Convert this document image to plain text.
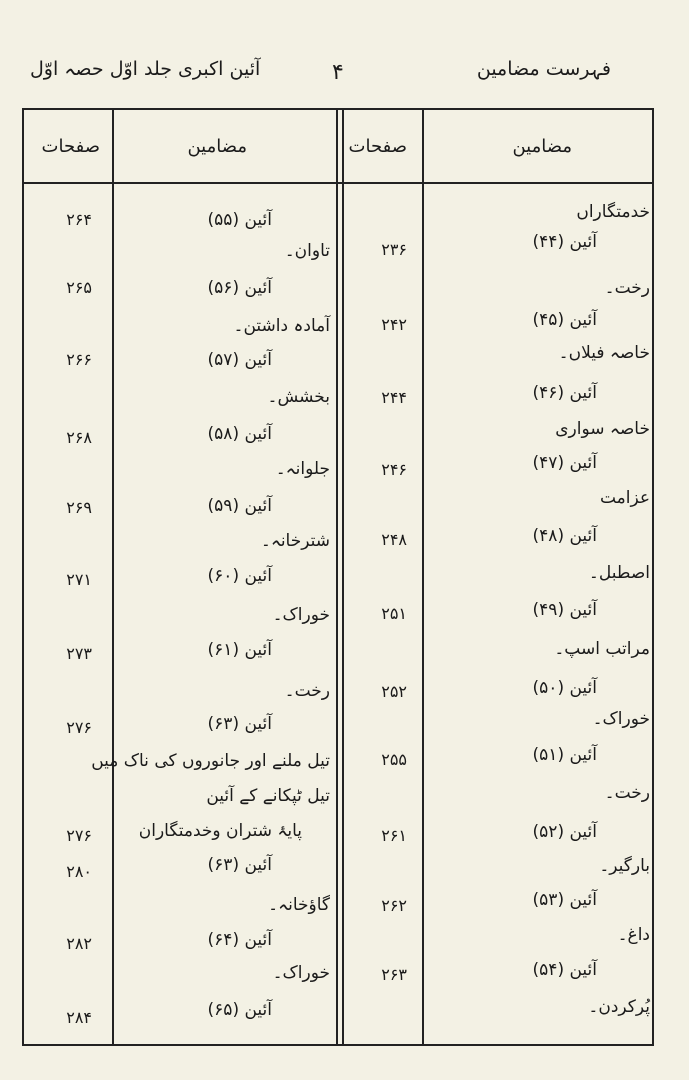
فہرست مضامین
۴
آئین اکبری جلد اوّل حصہ اوّل
مضامین
صفحات
مضامین
صفحات
خدمتگاراں
آئین (۴۴)
رخت۔
آئین (۴۵)
خاصہ فیلاں۔
آئین (۴۶)
خاصہ سواری
آئین (۴۷)
عزامت
آئین (۴۸)
اصطبل۔
آئین (۴۹)
مراتب اسپ۔
آئین (۵۰)
خوراک۔
آئین (۵۱)
رخت۔
آئین (۵۲)
بارگیر۔
آئین (۵۳)
داغ۔
آئین (۵۴)
پُرکردن۔
۲۳۶
۲۴۲
۲۴۴
۲۴۶
۲۴۸
۲۵۱
۲۵۲
۲۵۵
۲۶۱
۲۶۲
۲۶۳
آئین (۵۵)
تاوان۔
آئین (۵۶)
آمادہ داشتن۔
آئین (۵۷)
بخشش۔
آئین (۵۸)
جلوانہ۔
آئین (۵۹)
شترخانہ۔
آئین (۶۰)
خوراک۔
آئین (۶۱)
رخت۔
آئین (۶۳)
تیل ملنے اور جانوروں کی ناک میں
تیل ٹپکانے کے آئین
پایۂ شتران وخدمتگاران
آئین (۶۳)
گاؤخانہ۔
آئین (۶۴)
خوراک۔
آئین (۶۵)
۲۶۴
۲۶۵
۲۶۶
۲۶۸
۲۶۹
۲۷۱
۲۷۳
۲۷۶
۲۷۶
۲۸۰
۲۸۲
۲۸۴
